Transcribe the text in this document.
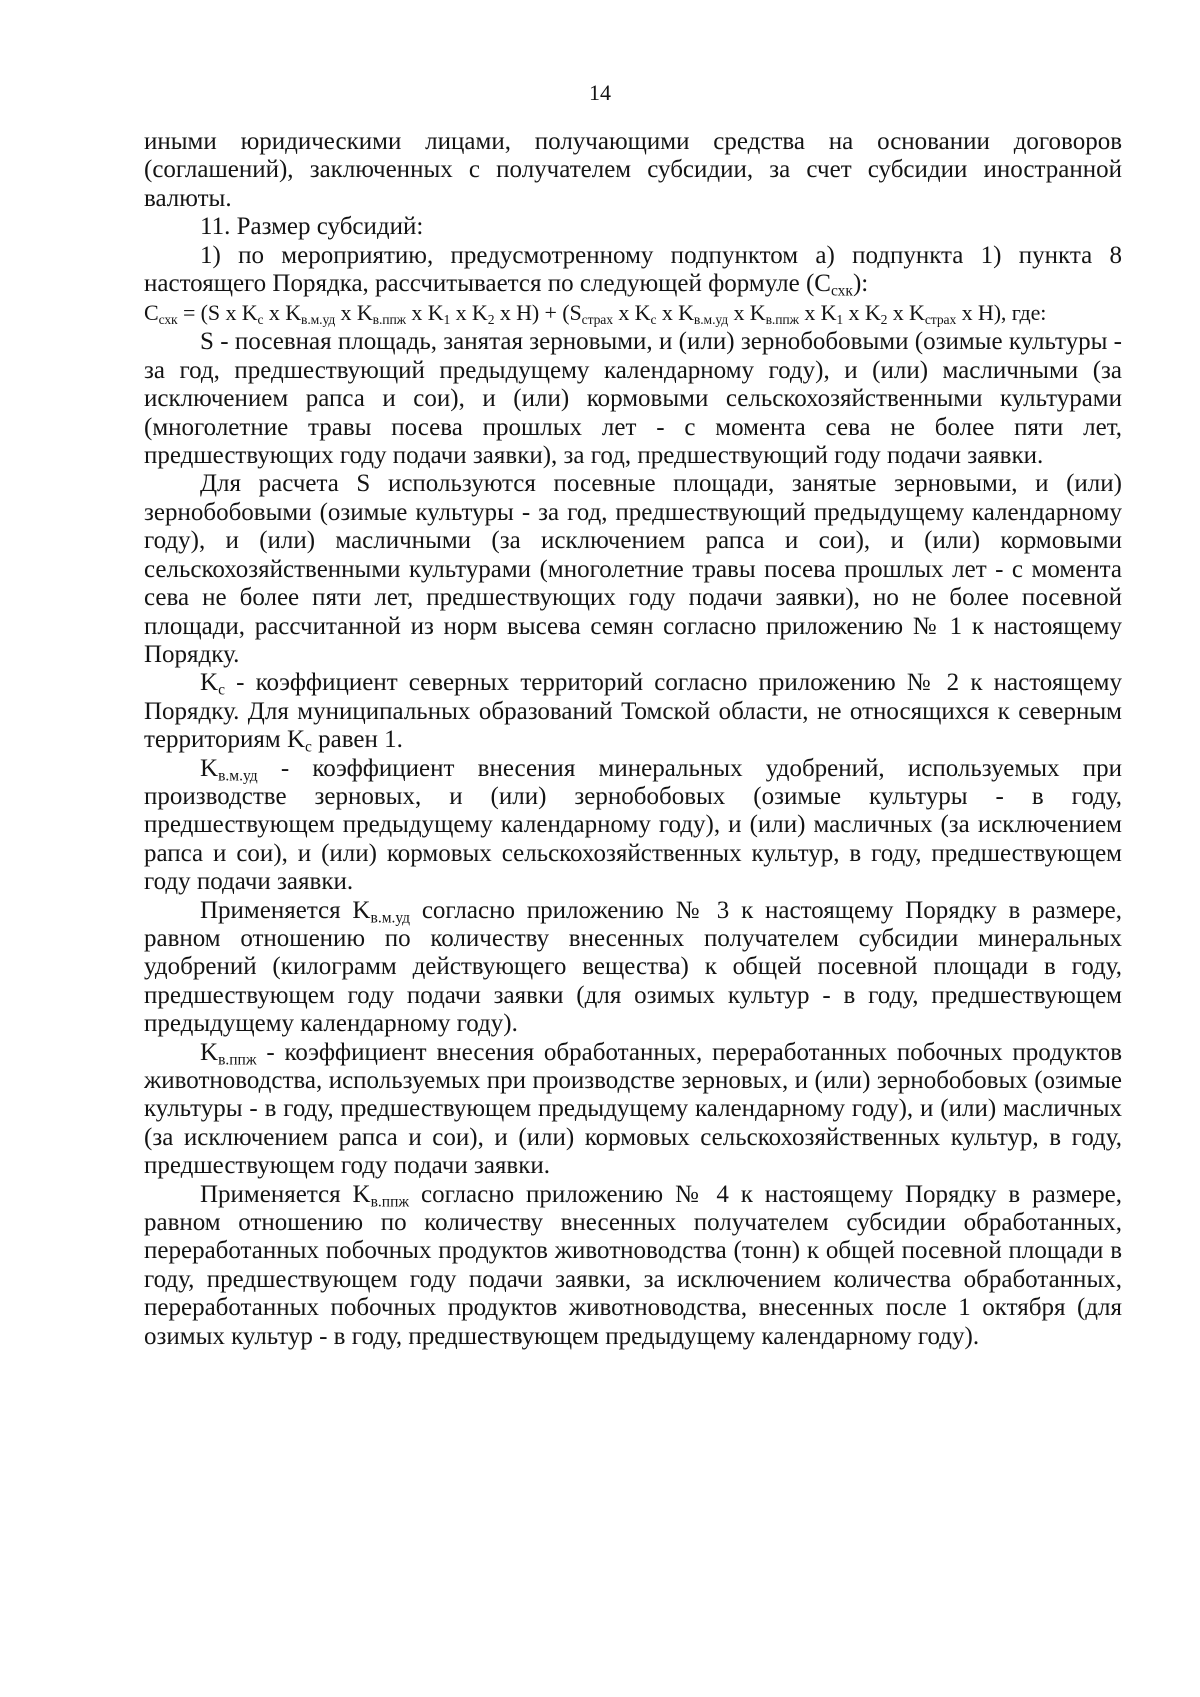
14

иными юридическими лицами, получающими средства на основании договоров (соглашений), заключенных с получателем субсидии, за счет субсидии иностранной валюты.

11. Размер субсидий:

1) по мероприятию, предусмотренному подпунктом а) подпункта 1) пункта 8 настоящего Порядка, рассчитывается по следующей формуле $(С_{схк})$:

$С_{схк} = (S$ x $K_с$ x $K_{в.м.уд}$ x $K_{в.ппж}$ x $K_1$ x $K_2$ x $H) + (S_{страх}$ x $K_с$ x $K_{в.м.уд}$ x $K_{в.ппж}$ x $K_1$ x $K_2$ x $K_{страх}$ x H), где:

S - посевная площадь, занятая зерновыми, и (или) зернобобовыми (озимые культуры - за год, предшествующий предыдущему календарному году), и (или) масличными (за исключением рапса и сои), и (или) кормовыми сельскохозяйственными культурами (многолетние травы посева прошлых лет - с момента сева не более пяти лет, предшествующих году подачи заявки), за год, предшествующий году подачи заявки.

Для расчета S используются посевные площади, занятые зерновыми, и (или) зернобобовыми (озимые культуры - за год, предшествующий предыдущему календарному году), и (или) масличными (за исключением рапса и сои), и (или) кормовыми сельскохозяйственными культурами (многолетние травы посева прошлых лет - с момента сева не более пяти лет, предшествующих году подачи заявки), но не более посевной площади, рассчитанной из норм высева семян согласно приложению № 1 к настоящему Порядку.

$K_с$ - коэффициент северных территорий согласно приложению № 2 к настоящему Порядку. Для муниципальных образований Томской области, не относящихся к северным территориям $K_с$ равен 1.

$K_{в.м.уд}$ - коэффициент внесения минеральных удобрений, используемых при производстве зерновых, и (или) зернобобовых (озимые культуры - в году, предшествующем предыдущему календарному году), и (или) масличных (за исключением рапса и сои), и (или) кормовых сельскохозяйственных культур, в году, предшествующем году подачи заявки.

Применяется $K_{в.м.уд}$ согласно приложению № 3 к настоящему Порядку в размере, равном отношению по количеству внесенных получателем субсидии минеральных удобрений (килограмм действующего вещества) к общей посевной площади в году, предшествующем году подачи заявки (для озимых культур - в году, предшествующем предыдущему календарному году).

$K_{в.ппж}$ - коэффициент внесения обработанных, переработанных побочных продуктов животноводства, используемых при производстве зерновых, и (или) зернобобовых (озимые культуры - в году, предшествующем предыдущему календарному году), и (или) масличных (за исключением рапса и сои), и (или) кормовых сельскохозяйственных культур, в году, предшествующем году подачи заявки.

Применяется $K_{в.ппж}$ согласно приложению № 4 к настоящему Порядку в размере, равном отношению по количеству внесенных получателем субсидии обработанных, переработанных побочных продуктов животноводства (тонн) к общей посевной площади в году, предшествующем году подачи заявки, за исключением количества обработанных, переработанных побочных продуктов животноводства, внесенных после 1 октября (для озимых культур - в году, предшествующем предыдущему календарному году).
